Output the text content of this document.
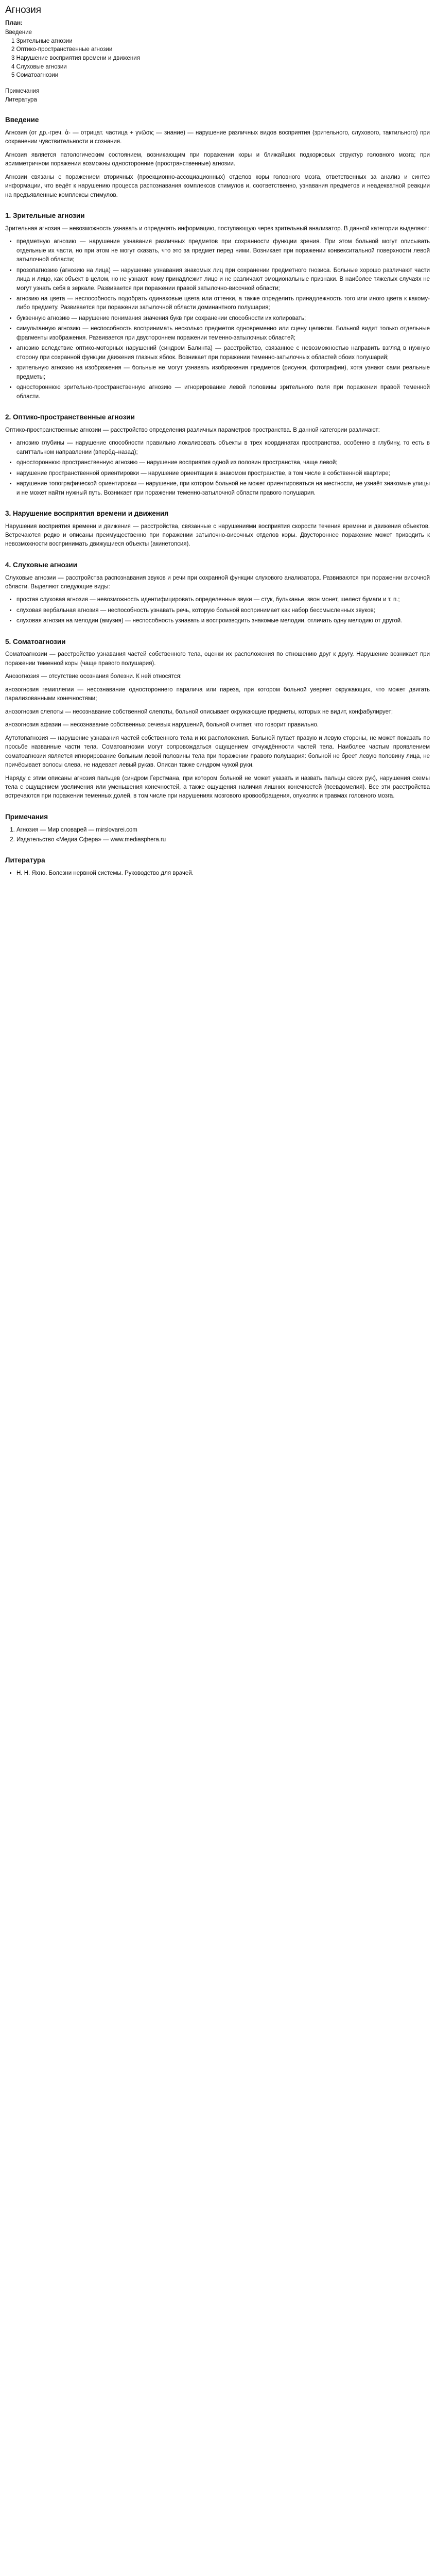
Агнозия
План:
Введение
1 Зрительные агнозии
2 Оптико-пространственные агнозии
3 Нарушение восприятия времени и движения
4 Слуховые агнозии
5 Соматоагнозии
Примечания
Литература
Введение

Агнозия (от др.-греч. ἀ- — отрицат. частица + γνῶσις — знание) — нарушение различных видов восприятия (зрительного, слухового, тактильного) при сохранении чувствительности и сознания.

Агнозия является патологическим состоянием, возникающим при поражении коры и ближайших подкорковых структур головного мозга; при асимметричном поражении возможны односторонние (пространственные) агнозии.

Агнозии связаны с поражением вторичных (проекционно-ассоциационных) отделов коры головного мозга, ответственных за анализ и синтез информации, что ведёт к нарушению процесса распознавания комплексов стимулов и, соответственно, узнавания предметов и неадекватной реакции на предъявленные комплексы стимулов.

1. Зрительные агнозии

Зрительная агнозия — невозможность узнавать и определять информацию, поступающую через зрительный анализатор. В данной категории выделяют:

• предметную агнозию — нарушение узнавания различных предметов при сохранности функции зрения. При этом больной могут описывать отдельные их части, но при этом не могут сказать, что это за предмет перед ними. Возникает при поражении конвекситальной поверхности левой затылочной области;
• прозопагнозию (агнозию на лица) — нарушение узнавания знакомых лиц при сохранении предметного гнозиса. Больные хорошо различают части лица и лицо, как объект в целом, но не узнают, кому принадлежит лицо и не различают эмоциональные признаки. В наиболее тяжелых случаях не могут узнать себя в зеркале. Развивается при поражении правой затылочно-височной области;
• агнозию на цвета — неспособность подобрать одинаковые цвета или оттенки, а также определить принадлежность того или иного цвета к какому-либо предмету. Развивается при поражении затылочной области доминантного полушария;
• буквенную агнозию — нарушение понимания значения букв при сохранении способности их копировать;
• симультанную агнозию — неспособность воспринимать несколько предметов одновременно или сцену целиком. Больной видит только отдельные фрагменты изображения. Развивается при двустороннем поражении теменно-затылочных областей;
• агнозию вследствие оптико-моторных нарушений (синдром Балинта) — расстройство, связанное с невозможностью направить взгляд в нужную сторону при сохранной функции движения глазных яблок. Возникает при поражении теменно-затылочных областей обоих полушарий;
• зрительную агнозию на изображения — больные не могут узнавать изображения предметов (рисунки, фотографии), хотя узнают сами реальные предметы;
• одностороннюю зрительно-пространственную агнозию — игнорирование левой половины зрительного поля при поражении правой теменной области.
2. Оптико-пространственные агнозии

Оптико-пространственные агнозии — расстройство определения различных параметров пространства. В данной категории различают:

• агнозию глубины — нарушение способности правильно локализовать объекты в трех координатах пространства, особенно в глубину, то есть в сагиттальном направлении (вперёд–назад);
• одностороннюю пространственную агнозию — нарушение восприятия одной из половин пространства, чаще левой;
• нарушение пространственной ориентировки — нарушение ориентации в знакомом пространстве, в том числе в собственной квартире;
• нарушение топографической ориентировки — нарушение, при котором больной не может ориентироваться на местности, не узнаёт знакомые улицы и не может найти нужный путь. Возникает при поражении теменно-затылочной области правого полушария.
3. Нарушение восприятия времени и движения

Нарушения восприятия времени и движения — расстройства, связанные с нарушениями восприятия скорости течения времени и движения объектов. Встречаются редко и описаны преимущественно при поражении затылочно-височных отделов коры. Двустороннее поражение может приводить к невозможности воспринимать движущиеся объекты (акинетопсия).

4. Слуховые агнозии

Слуховые агнозии — расстройства распознавания звуков и речи при сохранной функции слухового анализатора. Развиваются при поражении височной области. Выделяют следующие виды:

• простая слуховая агнозия — невозможность идентифицировать определенные звуки — стук, бульканье, звон монет, шелест бумаги и т. п.;
• слуховая вербальная агнозия — неспособность узнавать речь, которую больной воспринимает как набор бессмысленных звуков;
• слуховая агнозия на мелодии (амузия) — неспособность узнавать и воспроизводить знакомые мелодии, отличать одну мелодию от другой.
5. Соматоагнозии

Соматоагнозии — расстройство узнавания частей собственного тела, оценки их расположения по отношению друг к другу. Нарушение возникает при поражении теменной коры (чаще правого полушария).

Анозогнозия — отсутствие осознания болезни. К ней относятся:

анозогнозия гемиплегии — несознавание одностороннего паралича или пареза, при котором больной уверяет окружающих, что может двигать парализованными конечностями;

анозогнозия слепоты — несознавание собственной слепоты, больной описывает окружающие предметы, которых не видит, конфабулирует;

анозогнозия афазии — несознавание собственных речевых нарушений, больной считает, что говорит правильно.

Аутотопагнозия — нарушение узнавания частей собственного тела и их расположения. Больной путает правую и левую стороны, не может показать по просьбе названные части тела. Соматоагнозии могут сопровождаться ощущением отчуждённости частей тела. Наиболее частым проявлением соматоагнозии является игнорирование больным левой половины тела при поражении правого полушария: больной не бреет левую половину лица, не причёсывает волосы слева, не надевает левый рукав. Описан также синдром чужой руки.

Наряду с этим описаны агнозия пальцев (синдром Герстмана, при котором больной не может указать и назвать пальцы своих рук), нарушения схемы тела с ощущением увеличения или уменьшения конечностей, а также ощущения наличия лишних конечностей (псевдомелия). Все эти расстройства встречаются при поражении теменных долей, в том числе при нарушениях мозгового кровообращения, опухолях и травмах головного мозга.

Примечания
1. Агнозия — Мир словарей — mirslovarei.com
2. Издательство «Медиа Сфера» — www.mediasphera.ru
Литература
• Н. Н. Яхно. Болезни нервной системы. Руководство для врачей.
